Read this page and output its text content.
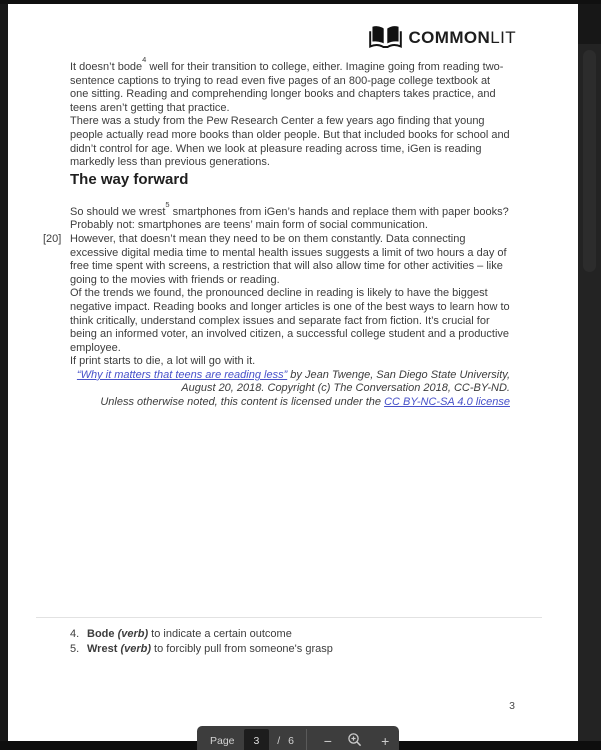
COMMONLIT

It doesn’t bode$^4$ well for their transition to college, either. Imagine going from reading two-sentence captions to trying to read even five pages of an 800-page college textbook at one sitting. Reading and comprehending longer books and chapters takes practice, and teens aren’t getting that practice.

There was a study from the Pew Research Center a few years ago finding that young people actually read more books than older people. But that included books for school and didn’t control for age. When we look at pleasure reading across time, iGen is reading markedly less than previous generations.

The way forward

So should we wrest$^5$ smartphones from iGen’s hands and replace them with paper books?

Probably not: smartphones are teens’ main form of social communication.

[20] However, that doesn’t mean they need to be on them constantly. Data connecting excessive digital media time to mental health issues suggests a limit of two hours a day of free time spent with screens, a restriction that will also allow time for other activities – like going to the movies with friends or reading.

Of the trends we found, the pronounced decline in reading is likely to have the biggest negative impact. Reading books and longer articles is one of the best ways to learn how to think critically, understand complex issues and separate fact from fiction. It’s crucial for being an informed voter, an involved citizen, a successful college student and a productive employee.

If print starts to die, a lot will go with it.

“Why it matters that teens are reading less” by Jean Twenge, San Diego State University, August 20, 2018. Copyright (c) The Conversation 2018, CC-BY-ND.

Unless otherwise noted, this content is licensed under the CC BY-NC-SA 4.0 license

4. Bode (verb) to indicate a certain outcome
5. Wrest (verb) to forcibly pull from someone's grasp
3
Page	3	/ 6 −	+
